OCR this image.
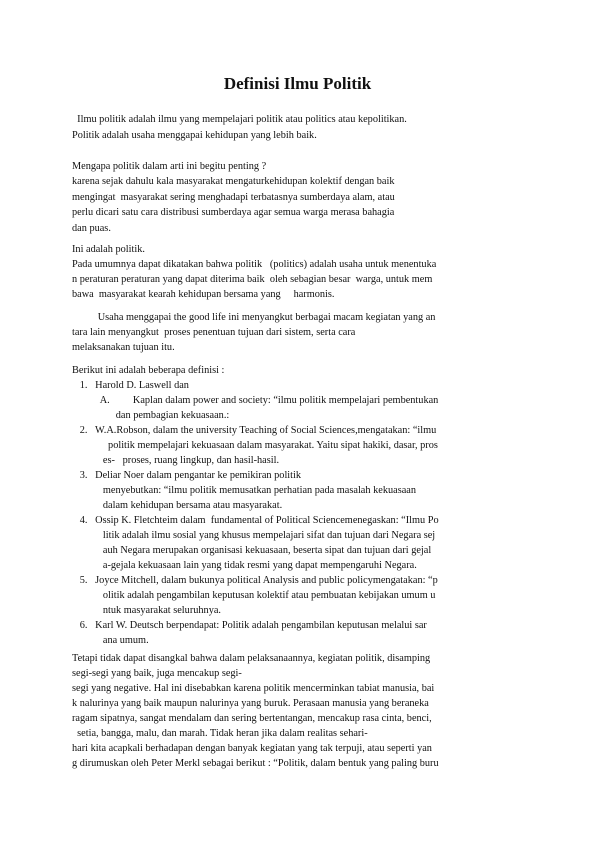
Definisi Ilmu Politik
Ilmu politik adalah ilmu yang mempelajari politik atau politics atau kepolitikan.
Politik adalah usaha menggapai kehidupan yang lebih baik.
Mengapa politik dalam arti ini begitu penting ?
karena sejak dahulu kala masyarakat mengaturkehidupan kolektif dengan baik
mengingat  masyarakat sering menghadapi terbatasnya sumberdaya alam, atau
perlu dicari satu cara distribusi sumberdaya agar semua warga merasa bahagia
dan puas.
Ini adalah politik.
Pada umumnya dapat dikatakan bahwa politik   (politics) adalah usaha untuk menentuka
n peraturan peraturan yang dapat diterima baik  oleh sebagian besar  warga, untuk mem
bawa  masyarakat kearah kehidupan bersama yang     harmonis.
Usaha menggapai the good life ini menyangkut berbagai macam kegiatan yang an
tara lain menyangkut  proses penentuan tujuan dari sistem, serta cara
melaksanakan tujuan itu.
Berikut ini adalah beberapa definisi :
1.   Harold D. Laswell dan
A.         Kaplan dalam power and society: “ilmu politik mempelajari pembentukan
dan pembagian kekuasaan.:
2.   W.A.Robson, dalam the university Teaching of Social Sciences,mengatakan: “ilmu
politik mempelajari kekuasaan dalam masyarakat. Yaitu sipat hakiki, dasar, pros
es-   proses, ruang lingkup, dan hasil-hasil.
3.   Deliar Noer dalam pengantar ke pemikiran politik
menyebutkan: “ilmu politik memusatkan perhatian pada masalah kekuasaan
dalam kehidupan bersama atau masyarakat.
4.   Ossip K. Fletchteim dalam  fundamental of Political Sciencemenegaskan: “Ilmu Po
litik adalah ilmu sosial yang khusus mempelajari sifat dan tujuan dari Negara sej
auh Negara merupakan organisasi kekuasaan, beserta sipat dan tujuan dari gejal
a-gejala kekuasaan lain yang tidak resmi yang dapat mempengaruhi Negara.
5.   Joyce Mitchell, dalam bukunya political Analysis and public policymengatakan: “p
olitik adalah pengambilan keputusan kolektif atau pembuatan kebijakan umum u
ntuk masyarakat seluruhnya.
6.   Karl W. Deutsch berpendapat: Politik adalah pengambilan keputusan melalui sar
ana umum.
Tetapi tidak dapat disangkal bahwa dalam pelaksanaannya, kegiatan politik, disamping
segi-segi yang baik, juga mencakup segi-
segi yang negative. Hal ini disebabkan karena politik mencerminkan tabiat manusia, bai
k nalurinya yang baik maupun nalurinya yang buruk. Perasaan manusia yang beraneka
ragam sipatnya, sangat mendalam dan sering bertentangan, mencakup rasa cinta, benci,
setia, bangga, malu, dan marah. Tidak heran jika dalam realitas sehari-
hari kita acapkali berhadapan dengan banyak kegiatan yang tak terpuji, atau seperti yan
g dirumuskan oleh Peter Merkl sebagai berikut : “Politik, dalam bentuk yang paling buru
